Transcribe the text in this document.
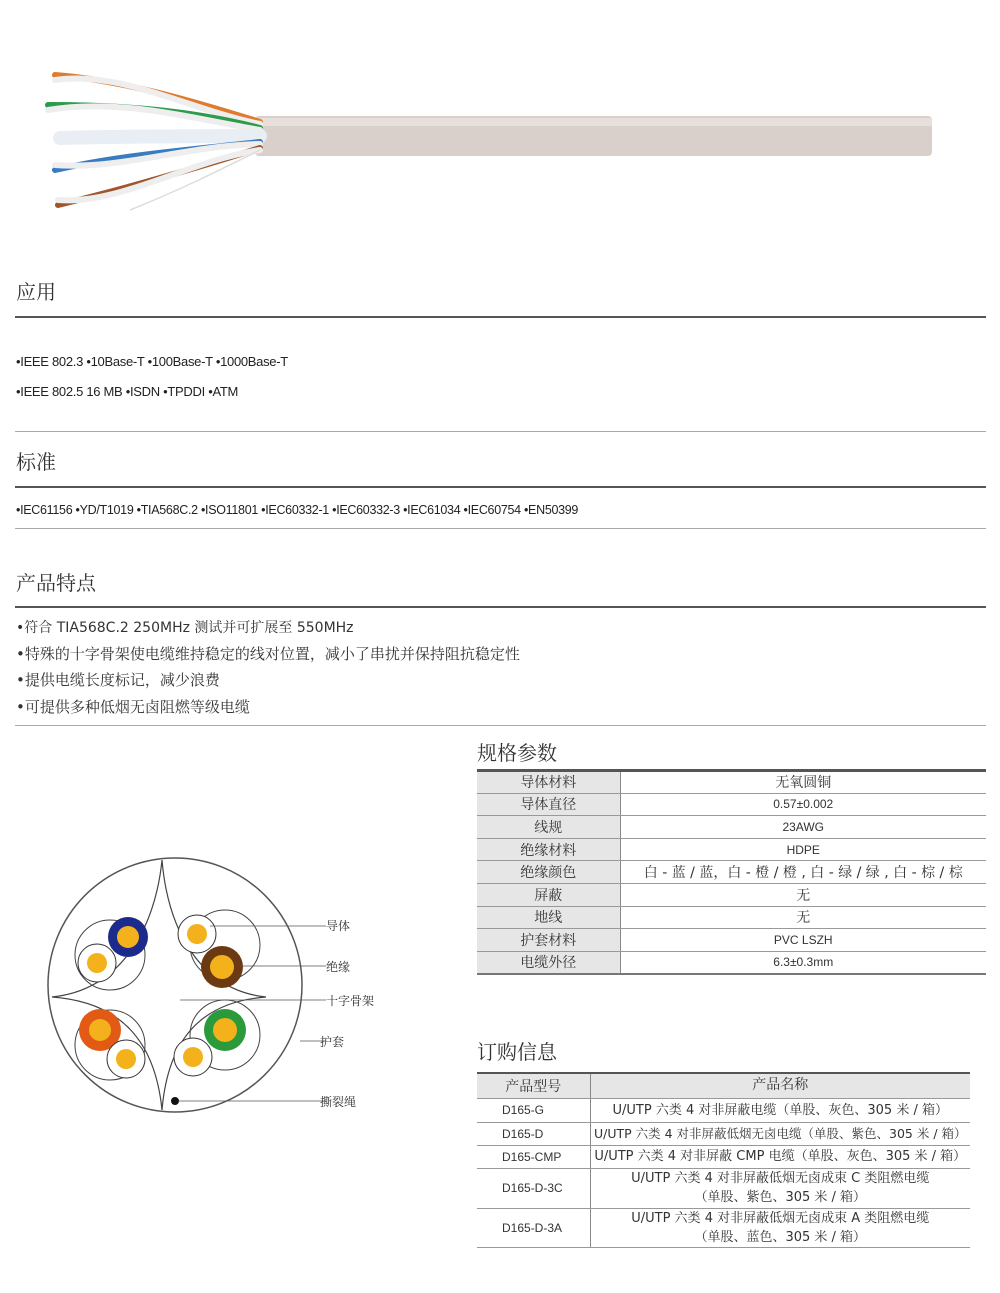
应用
•IEEE 802.3 •10Base-T •100Base-T •1000Base-T
•IEEE 802.5 16 MB •ISDN •TPDDI •ATM
标准
•IEC61156 •YD/T1019 •TIA568C.2 •ISO11801 •IEC60332-1 •IEC60332-3 •IEC61034 •IEC60754 •EN50399
产品特点
•符合 TIA568C.2 250MHz 测试并可扩展至 550MHz
•特殊的十字骨架使电缆维持稳定的线对位置，减小了串扰并保持阻抗稳定性
•提供电缆长度标记，减少浪费
•可提供多种低烟无卤阻燃等级电缆
导体
绝缘
十字骨架
护套
撕裂绳
规格参数
导体材料	无氧圆铜
导体直径	0.57±0.002
线规	23AWG
绝缘材料	HDPE
绝缘颜色	白 - 蓝 / 蓝，白 - 橙 / 橙 , 白 - 绿 / 绿 , 白 - 棕 / 棕
屏蔽	无
地线	无
护套材料	PVC LSZH
电缆外径	6.3±0.3mm
订购信息
产品型号	产品名称
D165-G	U/UTP 六类 4 对非屏蔽电缆（单股、灰色、305 米 / 箱）
D165-D	U/UTP 六类 4 对非屏蔽低烟无卤电缆（单股、紫色、305 米 / 箱）
D165-CMP	U/UTP 六类 4 对非屏蔽 CMP 电缆（单股、灰色、305 米 / 箱）
D165-D-3C	U/UTP 六类 4 对非屏蔽低烟无卤成束 C 类阻燃电缆
（单股、紫色、305 米 / 箱）

D165-D-3A	U/UTP 六类 4 对非屏蔽低烟无卤成束 A 类阻燃电缆
（单股、蓝色、305 米 / 箱）
